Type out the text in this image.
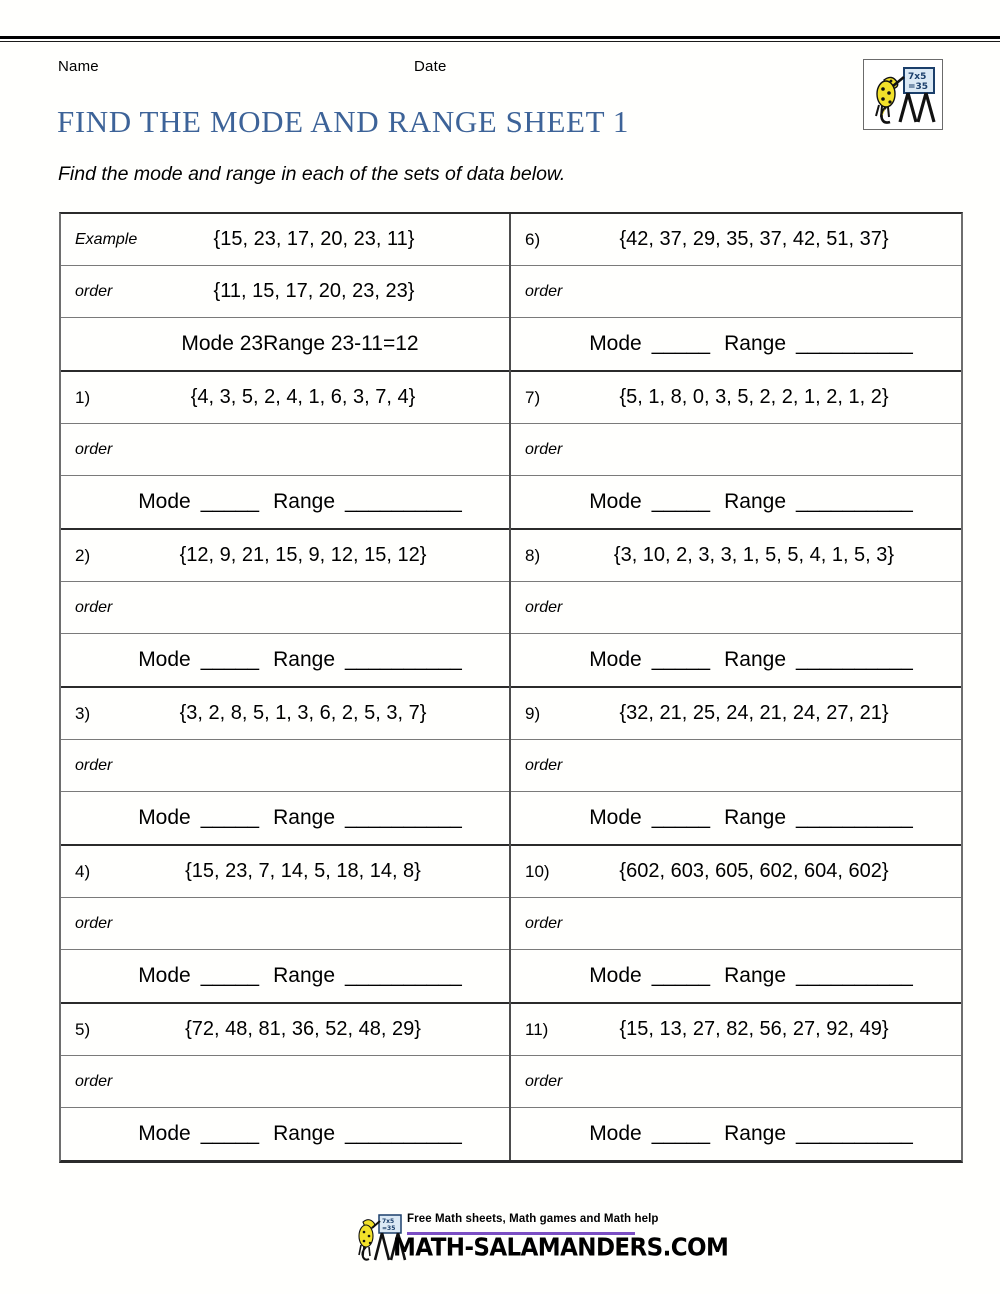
Name	Date
7x5
=35
FIND THE MODE AND RANGE SHEET 1
Find the mode and range in each of the sets of data below.
Example	{15, 23, 17, 20, 23, 11}
order	{11, 15, 17, 20, 23, 23}
Mode 23Range 23-11=12
1)	{4, 3, 5, 2, 4, 1, 6, 3, 7, 4}
order
Mode _____ Range __________
2)	{12, 9, 21, 15, 9, 12, 15, 12}
order
Mode _____ Range __________
3)	{3, 2, 8, 5, 1, 3, 6, 2, 5, 3, 7}
order
Mode _____ Range __________
4)	{15, 23, 7, 14, 5, 18, 14, 8}
order
Mode _____ Range __________
5)	{72, 48, 81, 36, 52, 48, 29}
order
Mode _____ Range __________
6)	{42, 37, 29, 35, 37, 42, 51, 37}
order
Mode _____ Range __________
7)	{5, 1, 8, 0, 3, 5, 2, 2, 1, 2, 1, 2}
order
Mode _____ Range __________
8)	{3, 10, 2, 3, 3, 1, 5, 5, 4, 1, 5, 3}
order
Mode _____ Range __________
9)	{32, 21, 25, 24, 21, 24, 27, 21}
order
Mode _____ Range __________
10)	{602, 603, 605, 602, 604, 602}
order
Mode _____ Range __________
11)	{15, 13, 27, 82, 56, 27, 92, 49}
order
Mode _____ Range __________
7x5
=35
Free Math sheets, Math games and Math help
MATH-SALAMANDERS.COM
